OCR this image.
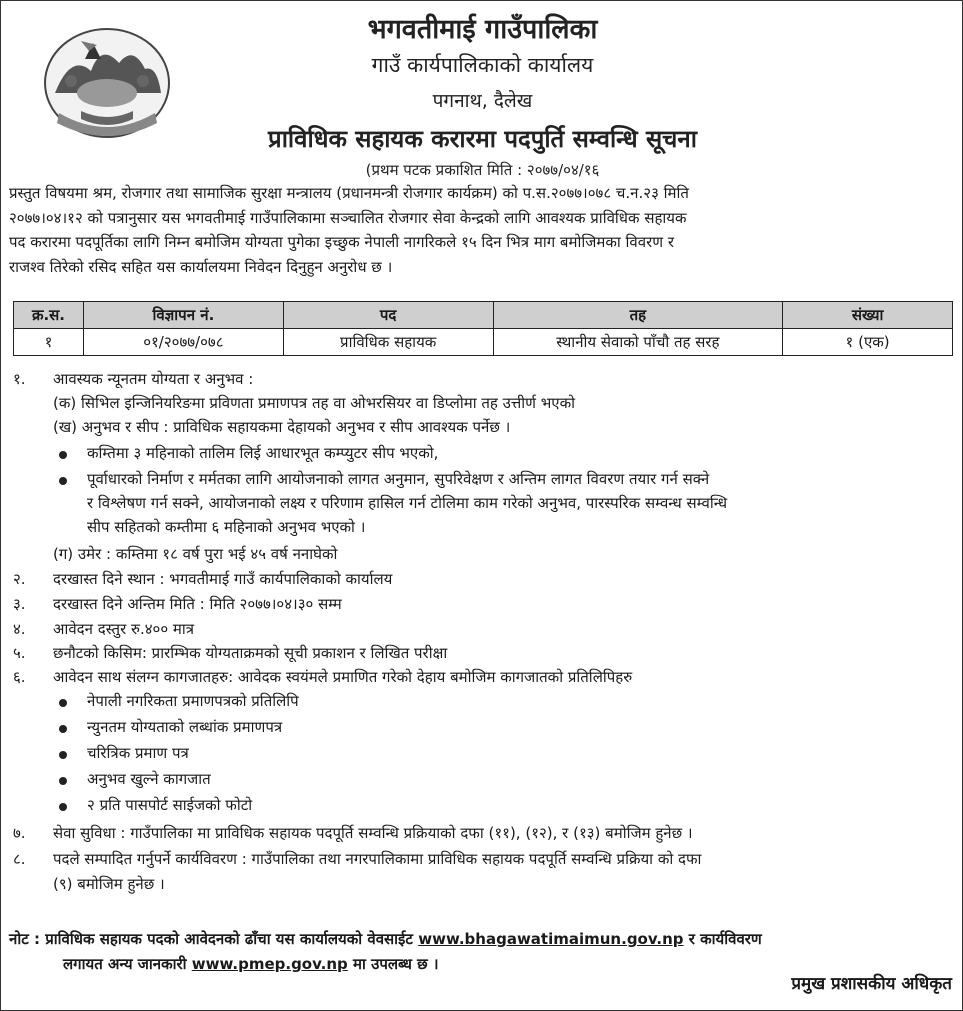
भगवतीमाई गाउँपालिका
गाउँ कार्यपालिकाको कार्यालय
पगनाथ, दैलेख
प्राविधिक सहायक करारमा पदपुर्ति सम्वन्धि सूचना
(प्रथम पटक प्रकाशित मिति : २०७७/०४/१६
प्रस्तुत विषयमा श्रम, रोजगार तथा सामाजिक सुरक्षा मन्त्रालय (प्रधानमन्त्री रोजगार कार्यक्रम) को प.स.२०७७।०७८ च.न.२३ मिति
२०७७।०४।१२ को पत्रानुसार यस भगवतीमाई गाउँपालिकामा सञ्चालित रोजगार सेवा केन्द्रको लागि आवश्यक प्राविधिक सहायक
पद करारमा पदपूर्तिका लागि निम्न बमोजिम योग्यता पुगेका इच्छुक नेपाली नागरिकले १५ दिन भित्र माग बमोजिमका विवरण र
राजश्व तिरेको रसिद सहित यस कार्यालयमा निवेदन दिनुहुन अनुरोध छ ।
क्र.स.	विज्ञापन नं.	पद	तह	संख्या
१	०१/२०७७/०७८	प्राविधिक सहायक	स्थानीय सेवाको पाँचौ तह सरह	१ (एक)
१. आवस्यक न्यूनतम योग्यता र अनुभव :
(क) सिभिल इन्जिनियरिङमा प्रविणता प्रमाणपत्र तह वा ओभरसियर वा डिप्लोमा तह उत्तीर्ण भएको
(ख) अनुभव र सीप : प्राविधिक सहायकमा देहायको अनुभव र सीप आवश्यक पर्नेछ ।
कम्तिमा ३ महिनाको तालिम लिई आधारभूत कम्प्युटर सीप भएको,
पूर्वाधारको निर्माण र मर्मतका लागि आयोजनाको लागत अनुमान, सुपरिवेक्षण र अन्तिम लागत विवरण तयार गर्न सक्ने
र विश्लेषण गर्न सक्ने, आयोजनाको लक्ष्य र परिणाम हासिल गर्न टोलिमा काम गरेको अनुभव, पारस्परिक सम्वन्ध सम्वन्धि
सीप सहितको कम्तीमा ६ महिनाको अनुभव भएको ।
(ग) उमेर : कम्तिमा १८ वर्ष पुरा भई ४५ वर्ष ननाघेको
२. दरखास्त दिने स्थान : भगवतीमाई गाउँ कार्यपालिकाको कार्यालय
३. दरखास्त दिने अन्तिम मिति : मिति २०७७।०४।३० सम्म
४. आवेदन दस्तुर रु.४०० मात्र
५. छनौटको किसिम: प्रारम्भिक योग्यताक्रमको सूची प्रकाशन र लिखित परीक्षा
६. आवेदन साथ संलग्न कागजातहरु: आवेदक स्वयंमले प्रमाणित गरेको देहाय बमोजिम कागजातको प्रतिलिपिहरु
नेपाली नगरिकता प्रमाणपत्रको प्रतिलिपि
न्युनतम योग्यताको लब्धांक प्रमाणपत्र
चरित्रिक प्रमाण पत्र
अनुभव खुल्ने कागजात
२ प्रति पासपोर्ट साईजको फोटो
७. सेवा सुविधा : गाउँपालिका मा प्राविधिक सहायक पदपूर्ति सम्वन्धि प्रक्रियाको दफा (११), (१२), र (१३) बमोजिम हुनेछ ।
८. पदले सम्पादित गर्नुपर्ने कार्यविवरण : गाउँपालिका तथा नगरपालिकामा प्राविधिक सहायक पदपूर्ति सम्वन्धि प्रक्रिया को दफा
(९) बमोजिम हुनेछ ।
नोट : प्राविधिक सहायक पदको आवेदनको ढाँचा यस कार्यालयको वेवसाईट www.bhagawatimaimun.gov.np र कार्यविवरण
लगायत अन्य जानकारी www.pmep.gov.np मा उपलब्ध छ ।
प्रमुख प्रशासकीय अधिकृत
